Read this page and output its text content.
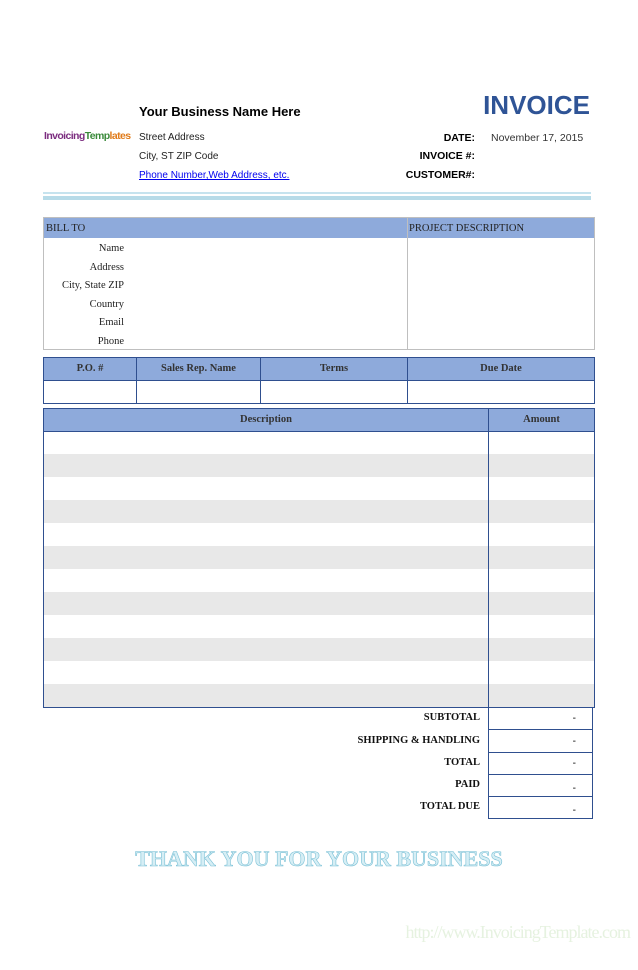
InvoicingTemplates
Your Business Name Here
Street Address
City, ST ZIP Code
Phone Number,Web Address, etc.
INVOICE
DATE: November 17, 2015
INVOICE #:
CUSTOMER#:
BILL TO	PROJECT DESCRIPTION
Name
Address
City, State ZIP
Country
Email
Phone
P.O. #	Sales Rep. Name	Terms	Due Date
Description	Amount
SUBTOTAL	-
SHIPPING & HANDLING	-
TOTAL	-
PAID	-
TOTAL DUE	-
THANK YOU FOR YOUR BUSINESS
http://www.InvoicingTemplate.com
